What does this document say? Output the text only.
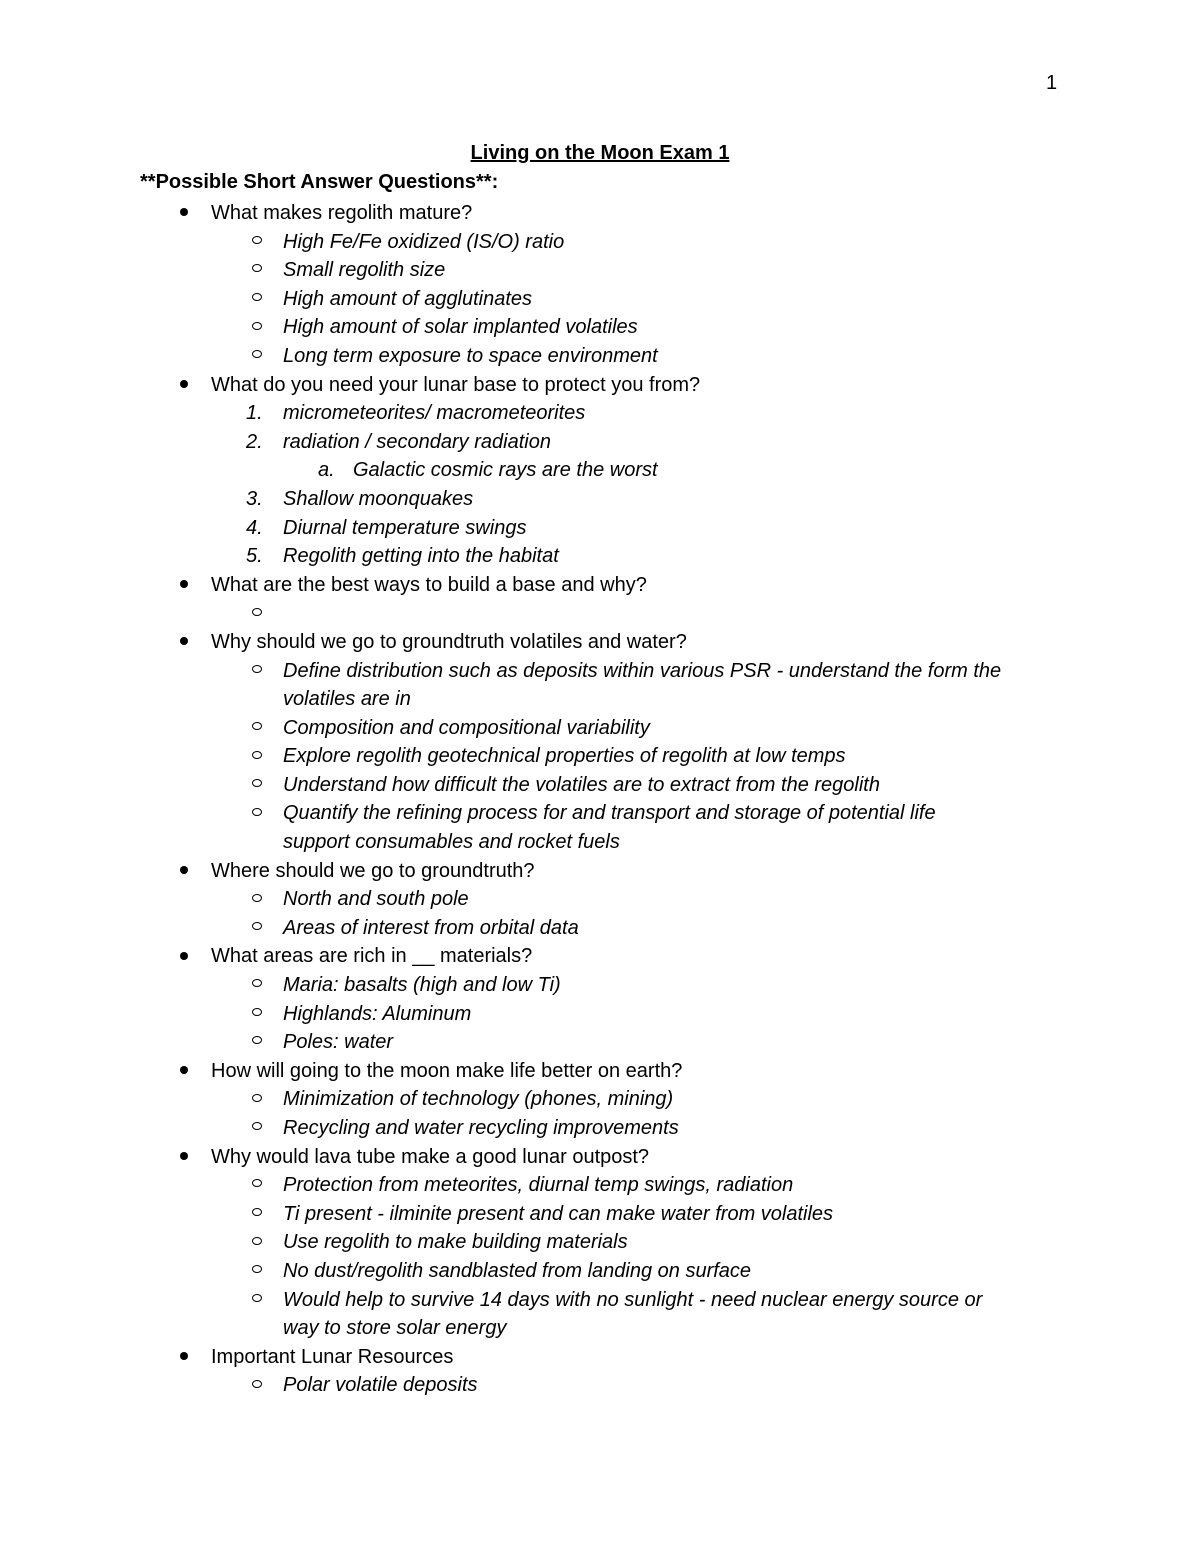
1
Living on the Moon Exam 1
**Possible Short Answer Questions**:
What makes regolith mature?
High Fe/Fe oxidized (IS/O) ratio
Small regolith size
High amount of agglutinates
High amount of solar implanted volatiles
Long term exposure to space environment
What do you need your lunar base to protect you from?
1.	micrometeorites/ macrometeorites
2.	radiation / secondary radiation
a. Galactic cosmic rays are the worst
3.	Shallow moonquakes
4.	Diurnal temperature swings
5.	Regolith getting into the habitat
What are the best ways to build a base and why?
Why should we go to groundtruth volatiles and water?
Define distribution such as deposits within various PSR - understand the form the
volatiles are in
Composition and compositional variability
Explore regolith geotechnical properties of regolith at low temps
Understand how difficult the volatiles are to extract from the regolith
Quantify the refining process for and transport and storage of potential life
support consumables and rocket fuels
Where should we go to groundtruth?
North and south pole
Areas of interest from orbital data
What areas are rich in __ materials?
Maria: basalts (high and low Ti)
Highlands: Aluminum
Poles: water
How will going to the moon make life better on earth?
Minimization of technology (phones, mining)
Recycling and water recycling improvements
Why would lava tube make a good lunar outpost?
Protection from meteorites, diurnal temp swings, radiation
Ti present - ilminite present and can make water from volatiles
Use regolith to make building materials
No dust/regolith sandblasted from landing on surface
Would help to survive 14 days with no sunlight - need nuclear energy source or
way to store solar energy
Important Lunar Resources
Polar volatile deposits
